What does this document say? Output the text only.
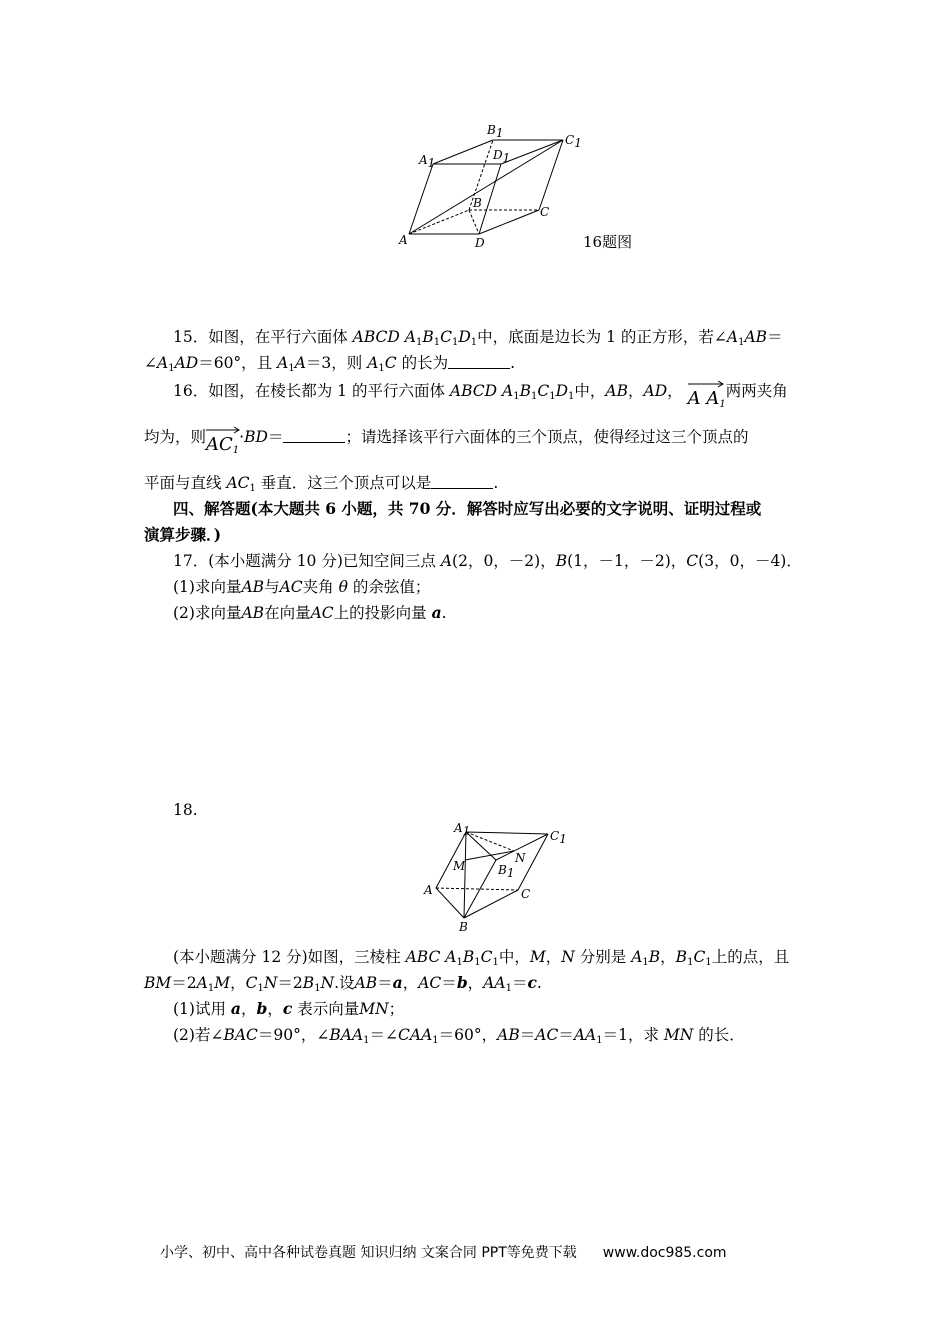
A1
B1	C1
D1
A
B
C
D	16题图
15．如图，在平行六面体 ABCD $A_1B_1C_1D_1$中，底面是边长为 1 的正方形，若$\angle A_1AB=$
$\angle A_1AD=60^\circ$，且 $A_1A=3$，则 $A_1C$ 的长为	.
16．如图，在棱长都为 1 的平行六面体 ABCD $A_1B_1C_1D_1$中，AB，AD， A $A_1$两两夹角
均为，则
$AC_1\cdot BD=$	；请选择该平行六面体的三个顶点，使得经过这三个顶点的
平面与直线 $AC_1$ 垂直．这三个顶点可以是	.
四、解答题(本大题共 6 小题，共 70 分．解答时应写出必要的文字说明、证明过程或
演算步骤．)
17．(本小题满分 10 分)已知空间三点 A(2，0，－2)，B(1，－1，－2)，C(3，0，－4)．
(1)求向量AB与AC夹角 θ 的余弦值；
(2)求向量AB在向量AC上的投影向量 a.
18.
A1	C1
M
N
B1
A	C
B
(本小题满分 12 分)如图，三棱柱 ABC $A_1B_1C_1$中，M，N 分别是 $A_1B$，$B_1C_1$上的点，且
$BM=2A_1M$，$C_1N=2B_1N$.设AB＝a，AC＝b，$AA_1=c$.
(1)试用 a，b，c 表示向量MN；
(2)若∠BAC＝90°，$\angle BAA_1=\angle CAA_1=60^\circ$，$AB=AC=AA_1=1$，求 MN 的长．
小学、初中、高中各种试卷真题 知识归纳 文案合同 PPT等免费下载 www.doc985.com
